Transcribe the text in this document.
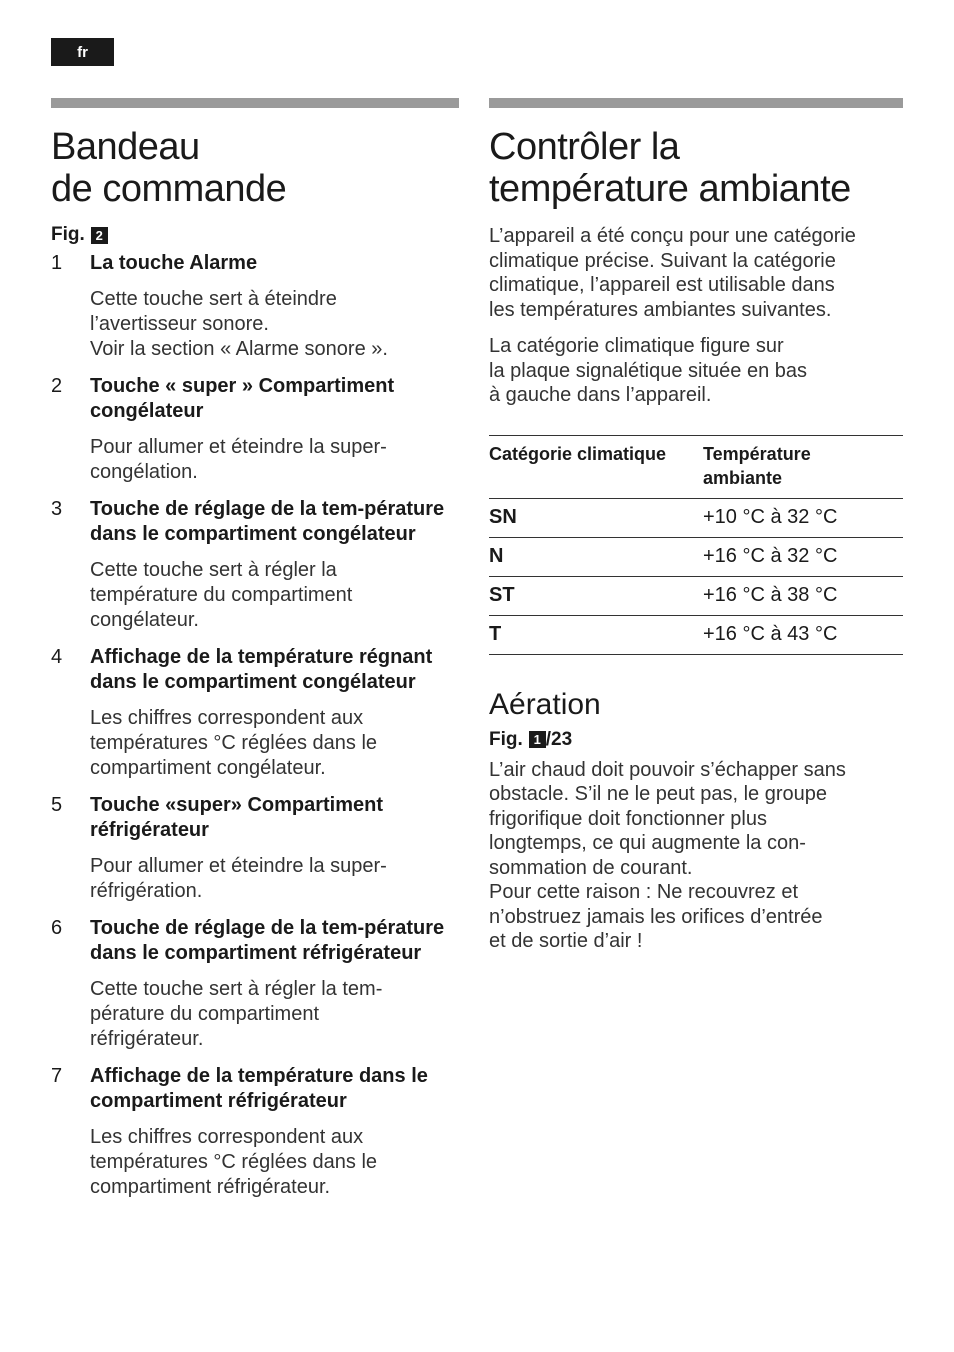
fr
Bandeau
de commande
Fig. 2
1	La touche Alarme
Cette touche sert à éteindre
l’avertisseur sonore.
Voir la section « Alarme sonore ».
2	Touche « super » Compartiment congélateur
Pour allumer et éteindre la super-
congélation.
3	Touche de réglage de la tem-pérature dans le compartiment congélateur
Cette touche sert à régler la
température du compartiment
congélateur.
4	Affichage de la température régnant dans le compartiment congélateur
Les chiffres correspondent aux
températures °C réglées dans le
compartiment congélateur.
5	Touche «super» Compartiment réfrigérateur
Pour allumer et éteindre la super-
réfrigération.
6	Touche de réglage de la tem-pérature dans le compartiment réfrigérateur
Cette touche sert à régler la tem-
pérature du compartiment
réfrigérateur.
7	Affichage de la température dans le compartiment réfrigérateur
Les chiffres correspondent aux
températures °C réglées dans le
compartiment réfrigérateur.
Contrôler la
température ambiante
L’appareil a été conçu pour une catégorie
climatique précise. Suivant la catégorie
climatique, l’appareil est utilisable dans
les températures ambiantes suivantes.
La catégorie climatique figure sur
la plaque signalétique située en bas
à gauche dans l’appareil.
Catégorie climatique	Température ambiante

SN	+10 °C à 32 °C
N	+16 °C à 32 °C
ST	+16 °C à 38 °C
T	+16 °C à 43 °C
Aération
Fig. 1 /23
L’air chaud doit pouvoir s’échapper sans
obstacle. S’il ne le peut pas, le groupe
frigorifique doit fonctionner plus
longtemps, ce qui augmente la con-
sommation de courant.
Pour cette raison : Ne recouvrez et
n’obstruez jamais les orifices d’entrée
et de sortie d’air !
